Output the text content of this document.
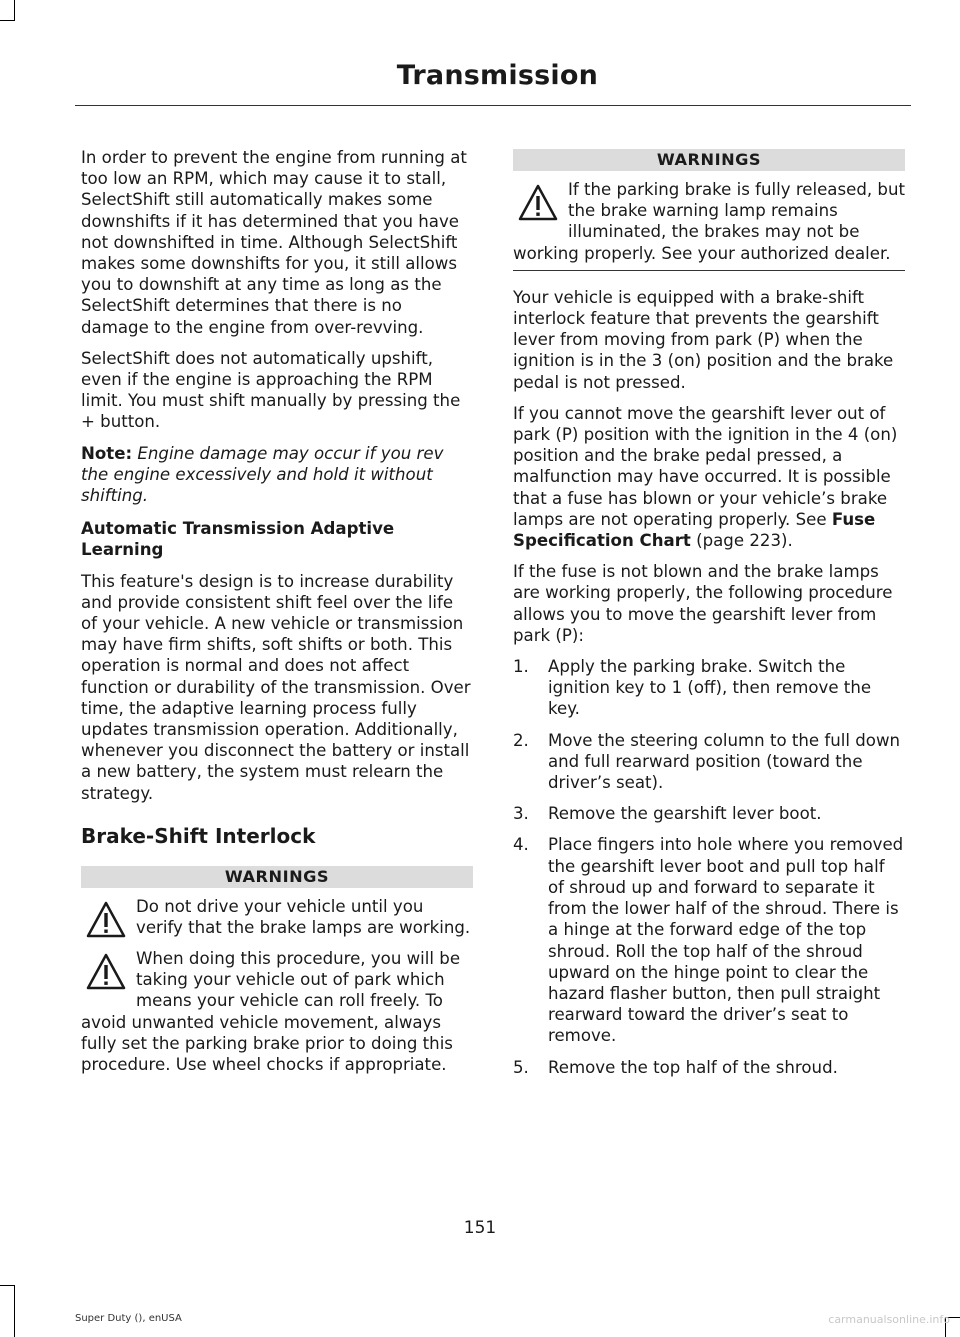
Transmission

In order to prevent the engine from running at too low an RPM, which may cause it to stall, SelectShift still automatically makes some downshifts if it has determined that you have not downshifted in time. Although SelectShift makes some downshifts for you, it still allows you to downshift at any time as long as the SelectShift determines that there is no damage to the engine from over-revving.

SelectShift does not automatically upshift, even if the engine is approaching the RPM limit. You must shift manually by pressing the + button.

Note: Engine damage may occur if you rev the engine excessively and hold it without shifting.

Automatic Transmission Adaptive Learning

This feature's design is to increase durability and provide consistent shift feel over the life of your vehicle. A new vehicle or transmission may have firm shifts, soft shifts or both. This operation is normal and does not affect function or durability of the transmission. Over time, the adaptive learning process fully updates transmission operation. Additionally, whenever you disconnect the battery or install a new battery, the system must relearn the strategy.

Brake-Shift Interlock
WARNINGS
Do not drive your vehicle until you verify that the brake lamps are working.
When doing this procedure, you will be taking your vehicle out of park which means your vehicle can roll freely. To avoid unwanted vehicle movement, always fully set the parking brake prior to doing this procedure. Use wheel chocks if appropriate.
WARNINGS
If the parking brake is fully released, but the brake warning lamp remains illuminated, the brakes may not be working properly. See your authorized dealer.

Your vehicle is equipped with a brake-shift interlock feature that prevents the gearshift lever from moving from park (P) when the ignition is in the 3 (on) position and the brake pedal is not pressed.

If you cannot move the gearshift lever out of park (P) position with the ignition in the 4 (on) position and the brake pedal pressed, a malfunction may have occurred. It is possible that a fuse has blown or your vehicle’s brake lamps are not operating properly. See Fuse Specification Chart (page 223).

If the fuse is not blown and the brake lamps are working properly, the following procedure allows you to move the gearshift lever from park (P):

1. Apply the parking brake. Switch the ignition key to 1 (off), then remove the key.
2. Move the steering column to the full down and full rearward position (toward the driver’s seat).
3. Remove the gearshift lever boot.
4. Place fingers into hole where you removed the gearshift lever boot and pull top half of shroud up and forward to separate it from the lower half of the shroud. There is a hinge at the forward edge of the top shroud. Roll the top half of the shroud upward on the hinge point to clear the hazard flasher button, then pull straight rearward toward the driver’s seat to remove.
5. Remove the top half of the shroud.
151
Super Duty (), enUSA	carmanualsonline.info
